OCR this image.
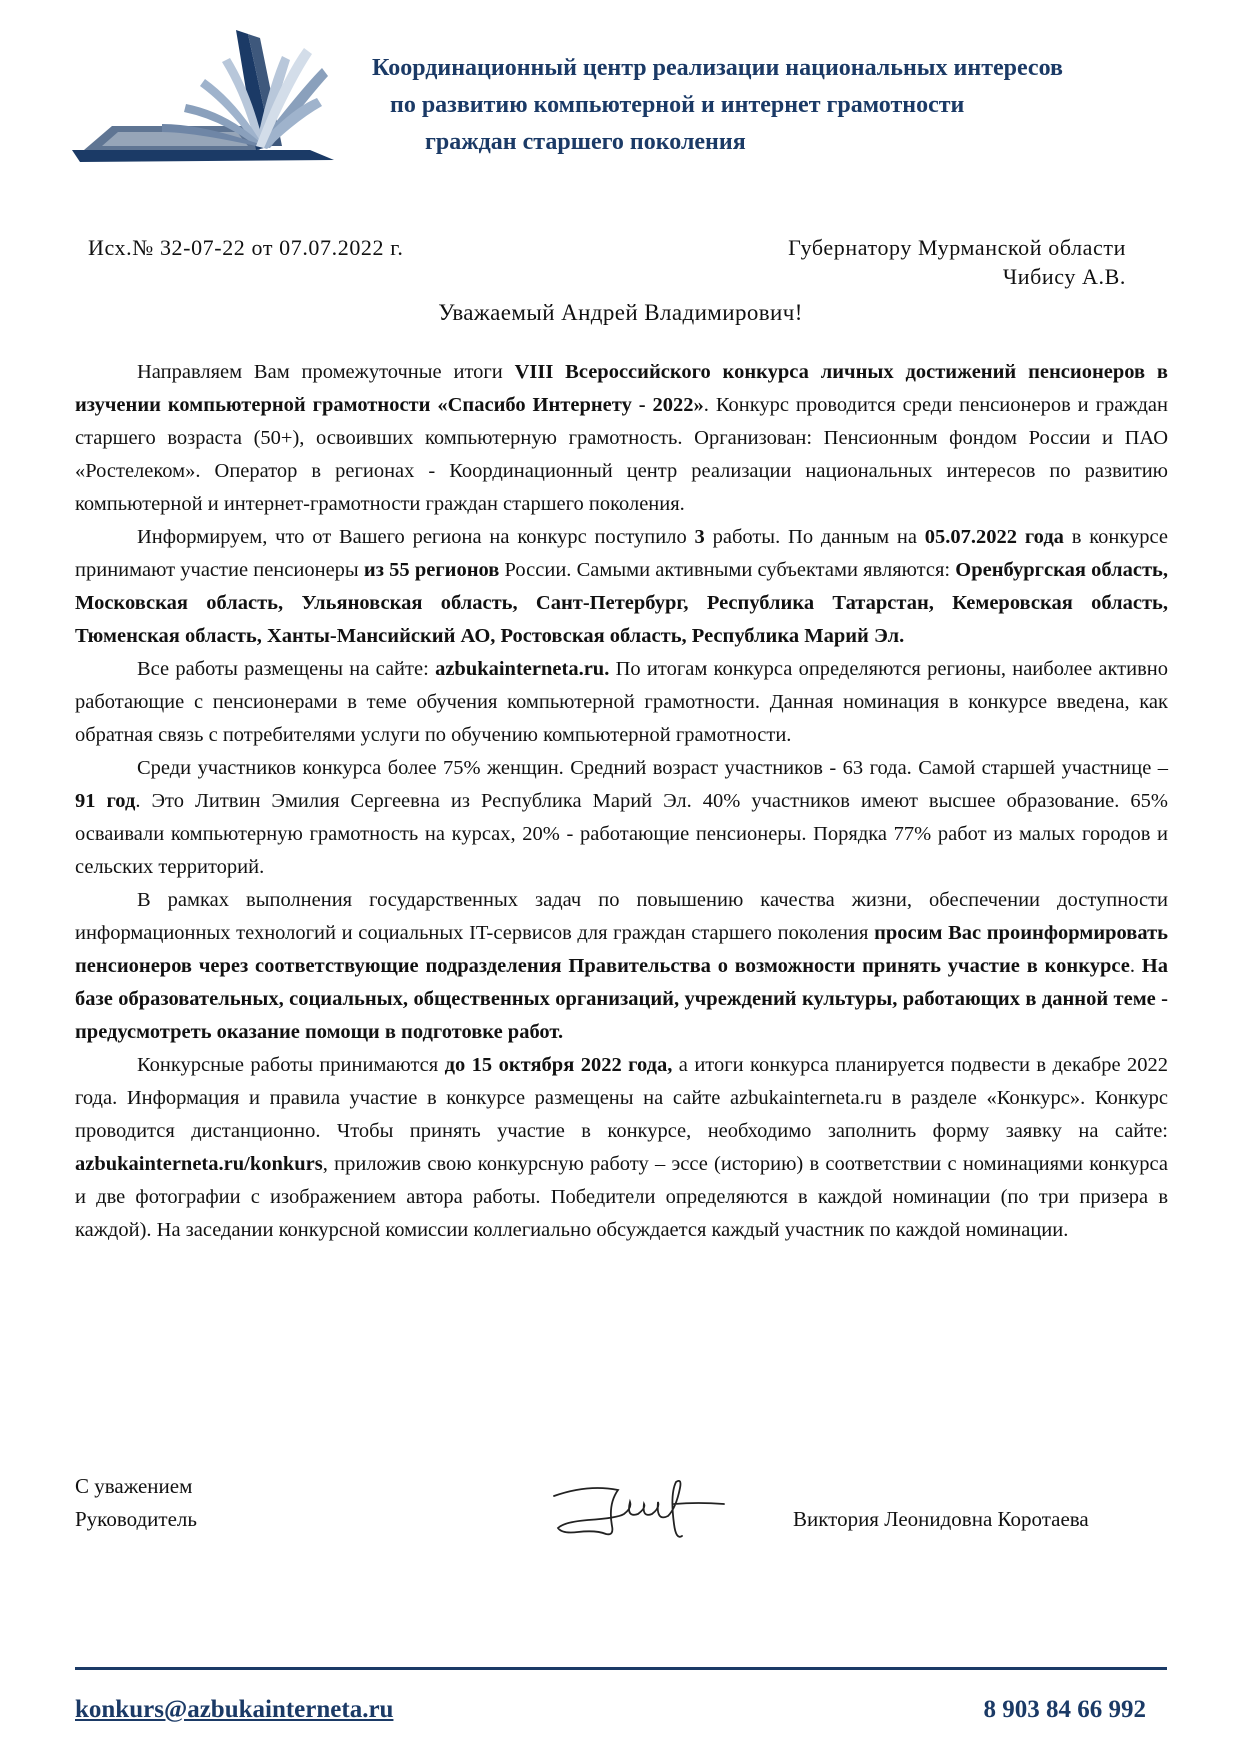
Координационный центр реализации национальных интересов
по развитию компьютерной и интернет грамотности
граждан старшего поколения
Исх.№ 32-07-22 от 07.07.2022 г.	Губернатору Мурманской области
Чибису А.В.
Уважаемый Андрей Владимирович!

Направляем Вам промежуточные итоги VIII Всероссийского конкурса личных достижений пенсионеров в изучении компьютерной грамотности «Спасибо Интернету - 2022». Конкурс проводится среди пенсионеров и граждан старшего возраста (50+), освоивших компьютерную грамотность. Организован: Пенсионным фондом России и ПАО «Ростелеком». Оператор в регионах - Координационный центр реализации национальных интересов по развитию компьютерной и интернет-грамотности граждан старшего поколения.

Информируем, что от Вашего региона на конкурс поступило 3 работы. По данным на 05.07.2022 года в конкурсе принимают участие пенсионеры из 55 регионов России. Самыми активными субъектами являются: Оренбургская область, Московская область, Ульяновская область, Сант-Петербург, Республика Татарстан, Кемеровская область, Тюменская область, Ханты-Мансийский АО, Ростовская область, Республика Марий Эл.

Все работы размещены на сайте: azbukainterneta.ru. По итогам конкурса определяются регионы, наиболее активно работающие с пенсионерами в теме обучения компьютерной грамотности. Данная номинация в конкурсе введена, как обратная связь с потребителями услуги по обучению компьютерной грамотности.

Среди участников конкурса более 75% женщин. Средний возраст участников - 63 года. Самой старшей участнице – 91 год. Это Литвин Эмилия Сергеевна из Республика Марий Эл. 40% участников имеют высшее образование. 65% осваивали компьютерную грамотность на курсах, 20% - работающие пенсионеры. Порядка 77% работ из малых городов и сельских территорий.

В рамках выполнения государственных задач по повышению качества жизни, обеспечении доступности информационных технологий и социальных IT-сервисов для граждан старшего поколения просим Вас проинформировать пенсионеров через соответствующие подразделения Правительства о возможности принять участие в конкурсе. На базе образовательных, социальных, общественных организаций, учреждений культуры, работающих в данной теме - предусмотреть оказание помощи в подготовке работ.

Конкурсные работы принимаются до 15 октября 2022 года, а итоги конкурса планируется подвести в декабре 2022 года. Информация и правила участие в конкурсе размещены на сайте azbukainterneta.ru в разделе «Конкурс». Конкурс проводится дистанционно. Чтобы принять участие в конкурсе, необходимо заполнить форму заявку на сайте: azbukainterneta.ru/konkurs, приложив свою конкурсную работу – эссе (историю) в соответствии с номинациями конкурса и две фотографии с изображением автора работы. Победители определяются в каждой номинации (по три призера в каждой). На заседании конкурсной комиссии коллегиально обсуждается каждый участник по каждой номинации.

С уважением
Руководитель	Виктория Леонидовна Коротаева
konkurs@azbukainterneta.ru	8 903 84 66 992
